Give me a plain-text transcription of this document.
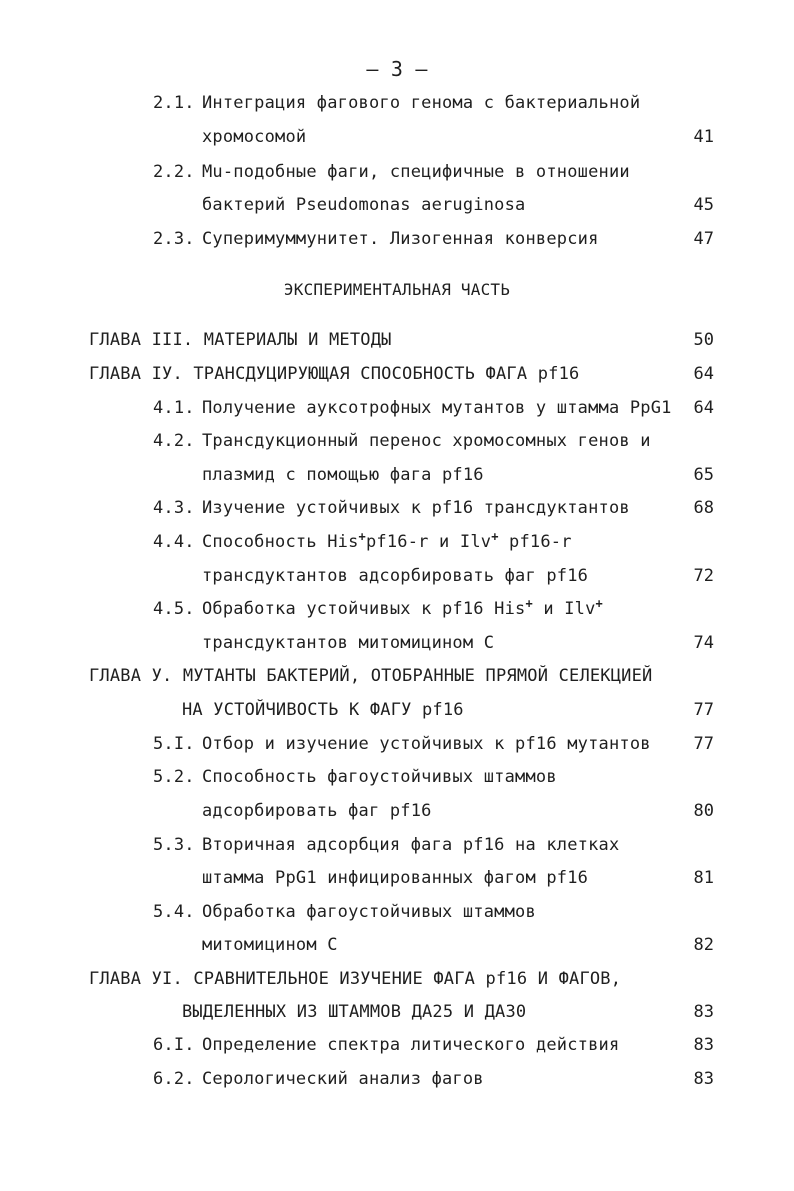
– 3 –
2.1. Интеграция фагового генома с бактериальной
хромосомой	41
2.2. Mu-подобные фаги, специфичные в отношении
бактерий Pseudomonas aeruginosa	45
2.3. Суперимуммунитет. Лизогенная конверсия	47
ЭКСПЕРИМЕНТАЛЬНАЯ ЧАСТЬ
ГЛАВА III. МАТЕРИАЛЫ И МЕТОДЫ	50
ГЛАВА IУ. ТРАНСДУЦИРУЮЩАЯ СПОСОБНОСТЬ ФАГА pf16	64
4.1. Получение ауксотрофных мутантов у штамма PpG1	64
4.2. Трансдукционный перенос хромосомных генов и
плазмид с помощью фага pf16	65
4.3. Изучение устойчивых к pf16 трансдуктантов	68
4.4. Способность His+pf16-r и Ilv+ pf16-r
трансдуктантов адсорбировать фаг pf16	72
4.5. Обработка устойчивых к pf16 His+ и Ilv+
трансдуктантов митомицином С	74
ГЛАВА У. МУТАНТЫ БАКТЕРИЙ, ОТОБРАННЫЕ ПРЯМОЙ СЕЛЕКЦИЕЙ
НА УСТОЙЧИВОСТЬ К ФАГУ pf16	77
5.I. Отбор и изучение устойчивых к pf16 мутантов	77
5.2. Способность фагоустойчивых штаммов
адсорбировать фаг pf16	80
5.3. Вторичная адсорбция фага pf16 на клетках
штамма PpG1 инфицированных фагом pf16	81
5.4. Обработка фагоустойчивых штаммов
митомицином С	82
ГЛАВА УI. СРАВНИТЕЛЬНОЕ ИЗУЧЕНИЕ ФАГА pf16 И ФАГОВ,
ВЫДЕЛЕННЫХ ИЗ ШТАММОВ ДА25 И ДА30	83
6.I. Определение спектра литического действия	83
6.2. Серологический анализ фагов	83
